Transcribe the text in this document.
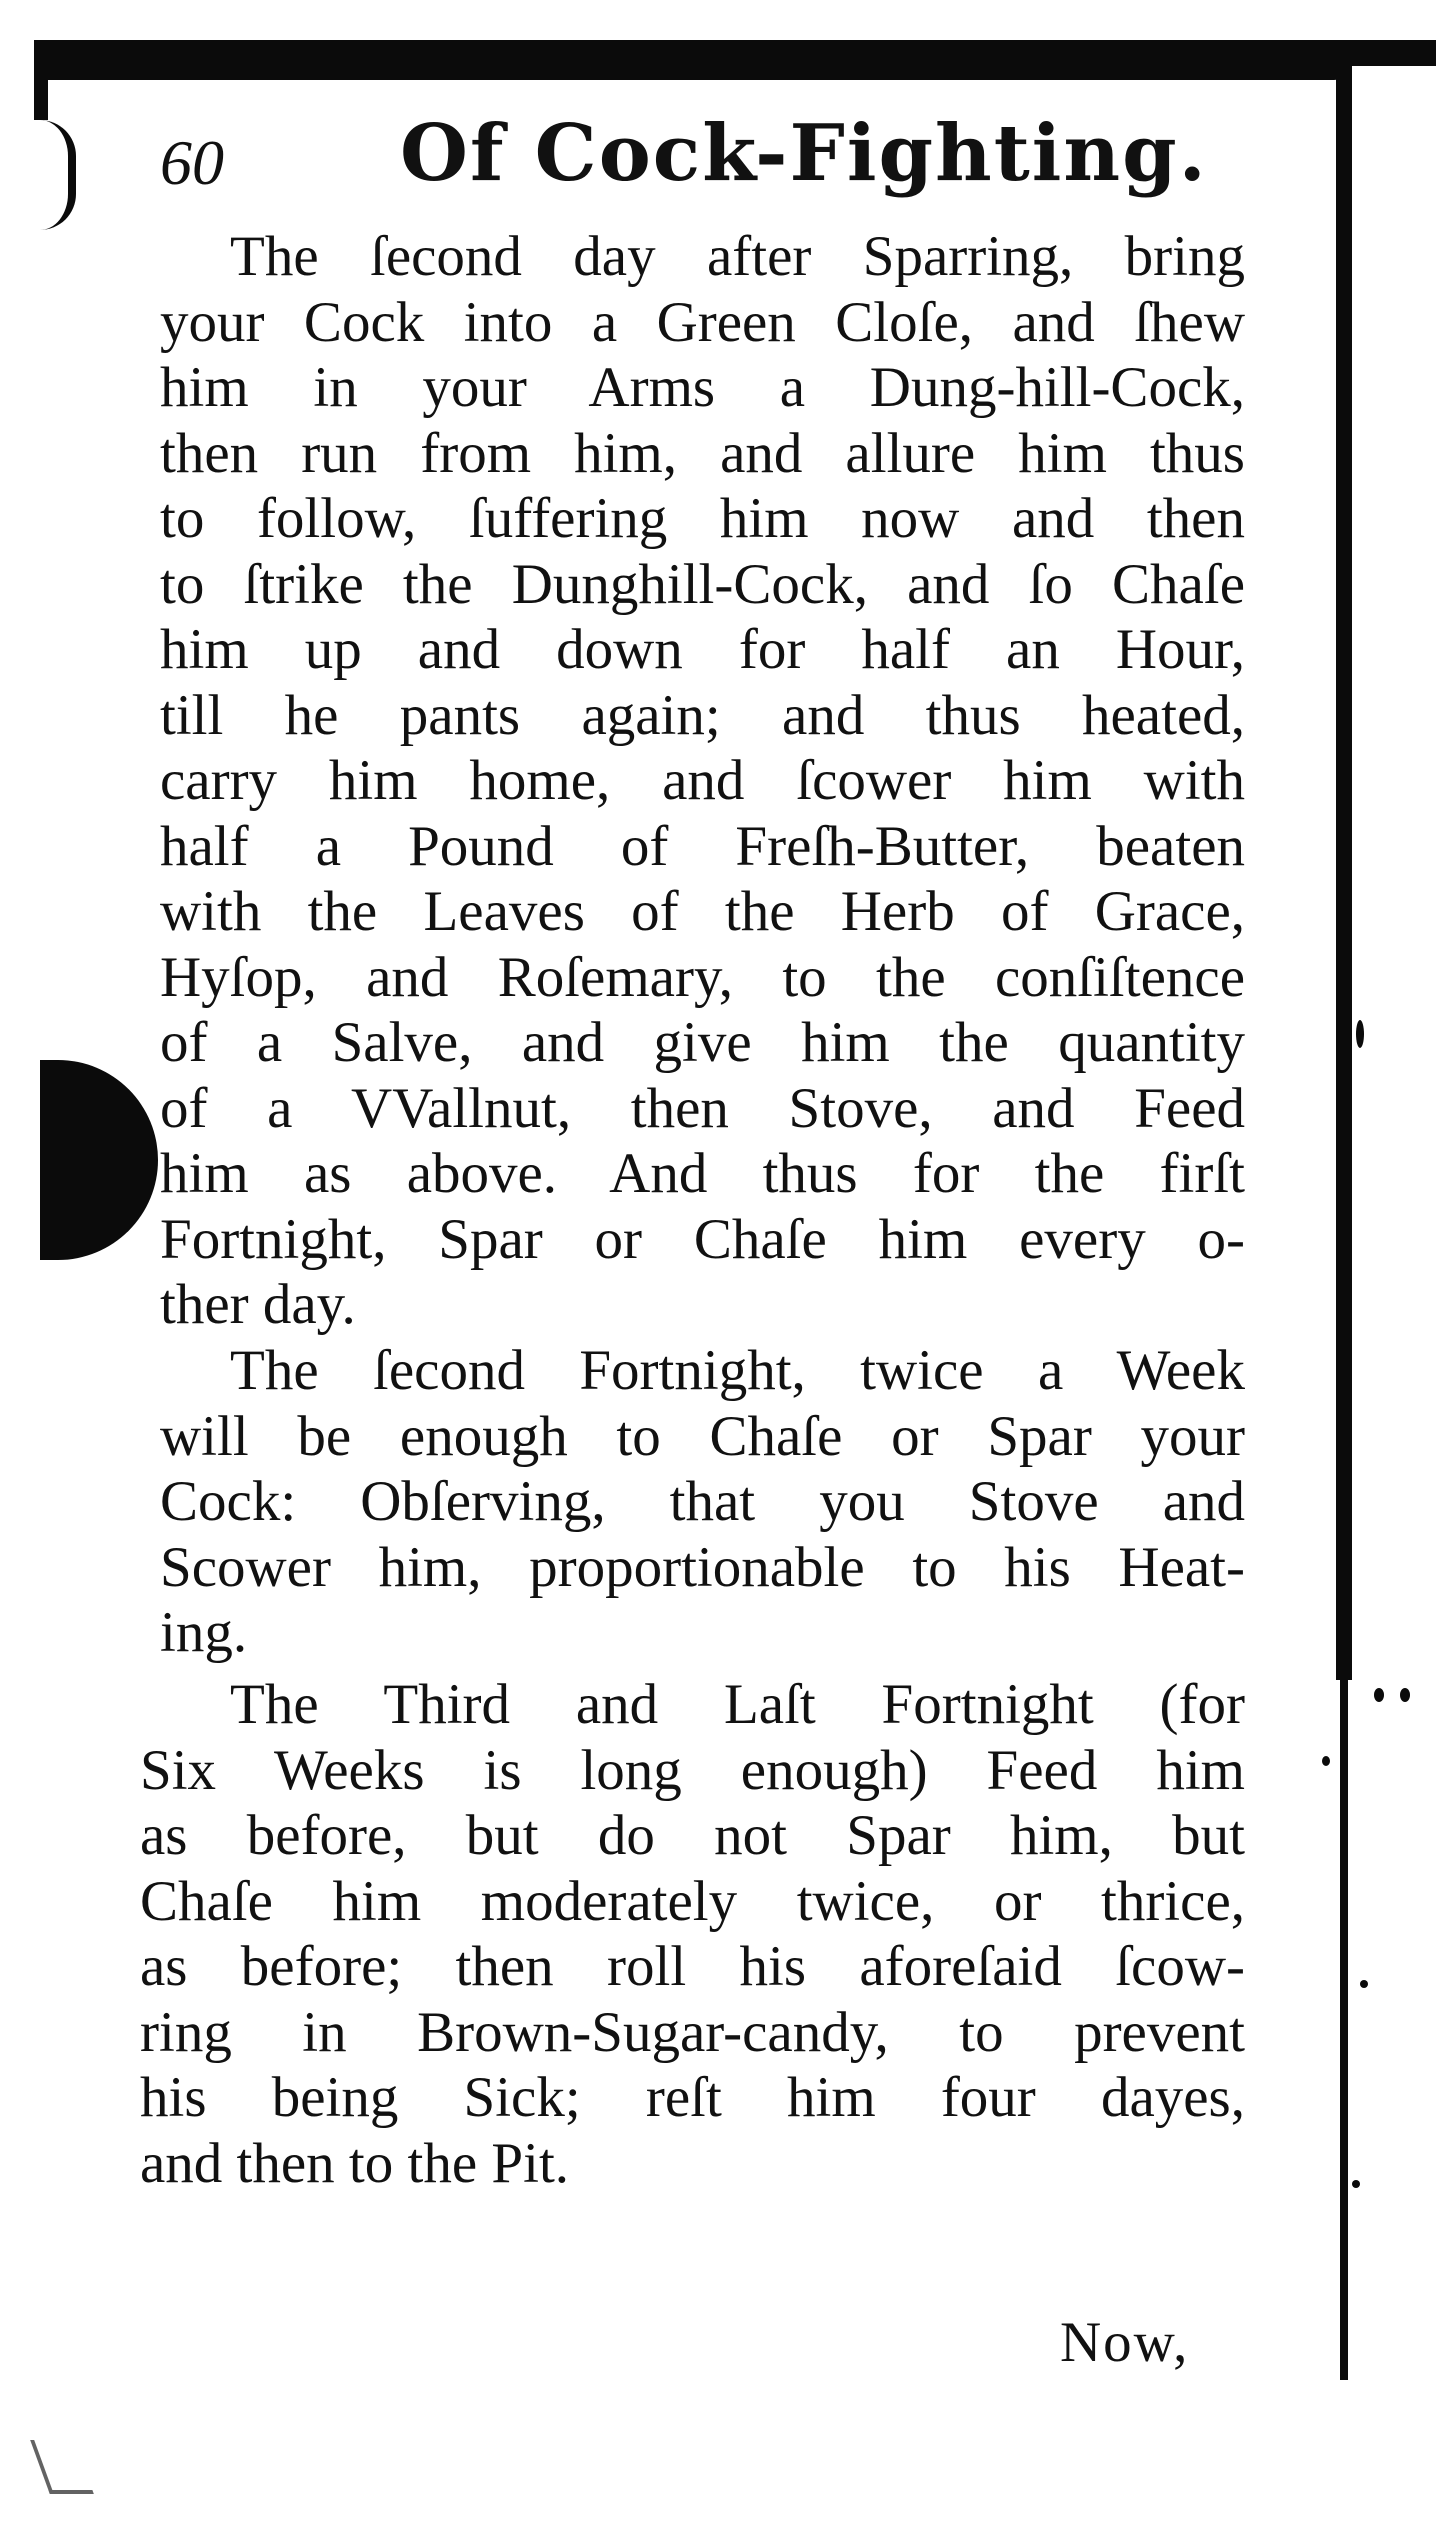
60 Of Cock-Fighting.
The ſecond day after Sparring, bring
your Cock into a Green Cloſe, and ſhew
him in your Arms a Dung-hill-Cock,
then run from him, and allure him thus
to follow, ſuffering him now and then
to ſtrike the Dunghill-Cock, and ſo Chaſe
him up and down for half an Hour,
till he pants again; and thus heated,
carry him home, and ſcower him with
half a Pound of Freſh-Butter, beaten
with the Leaves of the Herb of Grace,
Hyſop, and Roſemary, to the conſiſtence
of a Salve, and give him the quantity
of a VVallnut, then Stove, and Feed
him as above. And thus for the firſt
Fortnight, Spar or Chaſe him every o-
ther day.
The ſecond Fortnight, twice a Week
will be enough to Chaſe or Spar your
Cock: Obſerving, that you Stove and
Scower him, proportionable to his Heat-
ing.
The Third and Laſt Fortnight (for
Six Weeks is long enough) Feed him
as before, but do not Spar him, but
Chaſe him moderately twice, or thrice,
as before; then roll his aforeſaid ſcow-
ring in Brown-Sugar-candy, to prevent
his being Sick; reſt him four dayes,
and then to the Pit.
Now,
